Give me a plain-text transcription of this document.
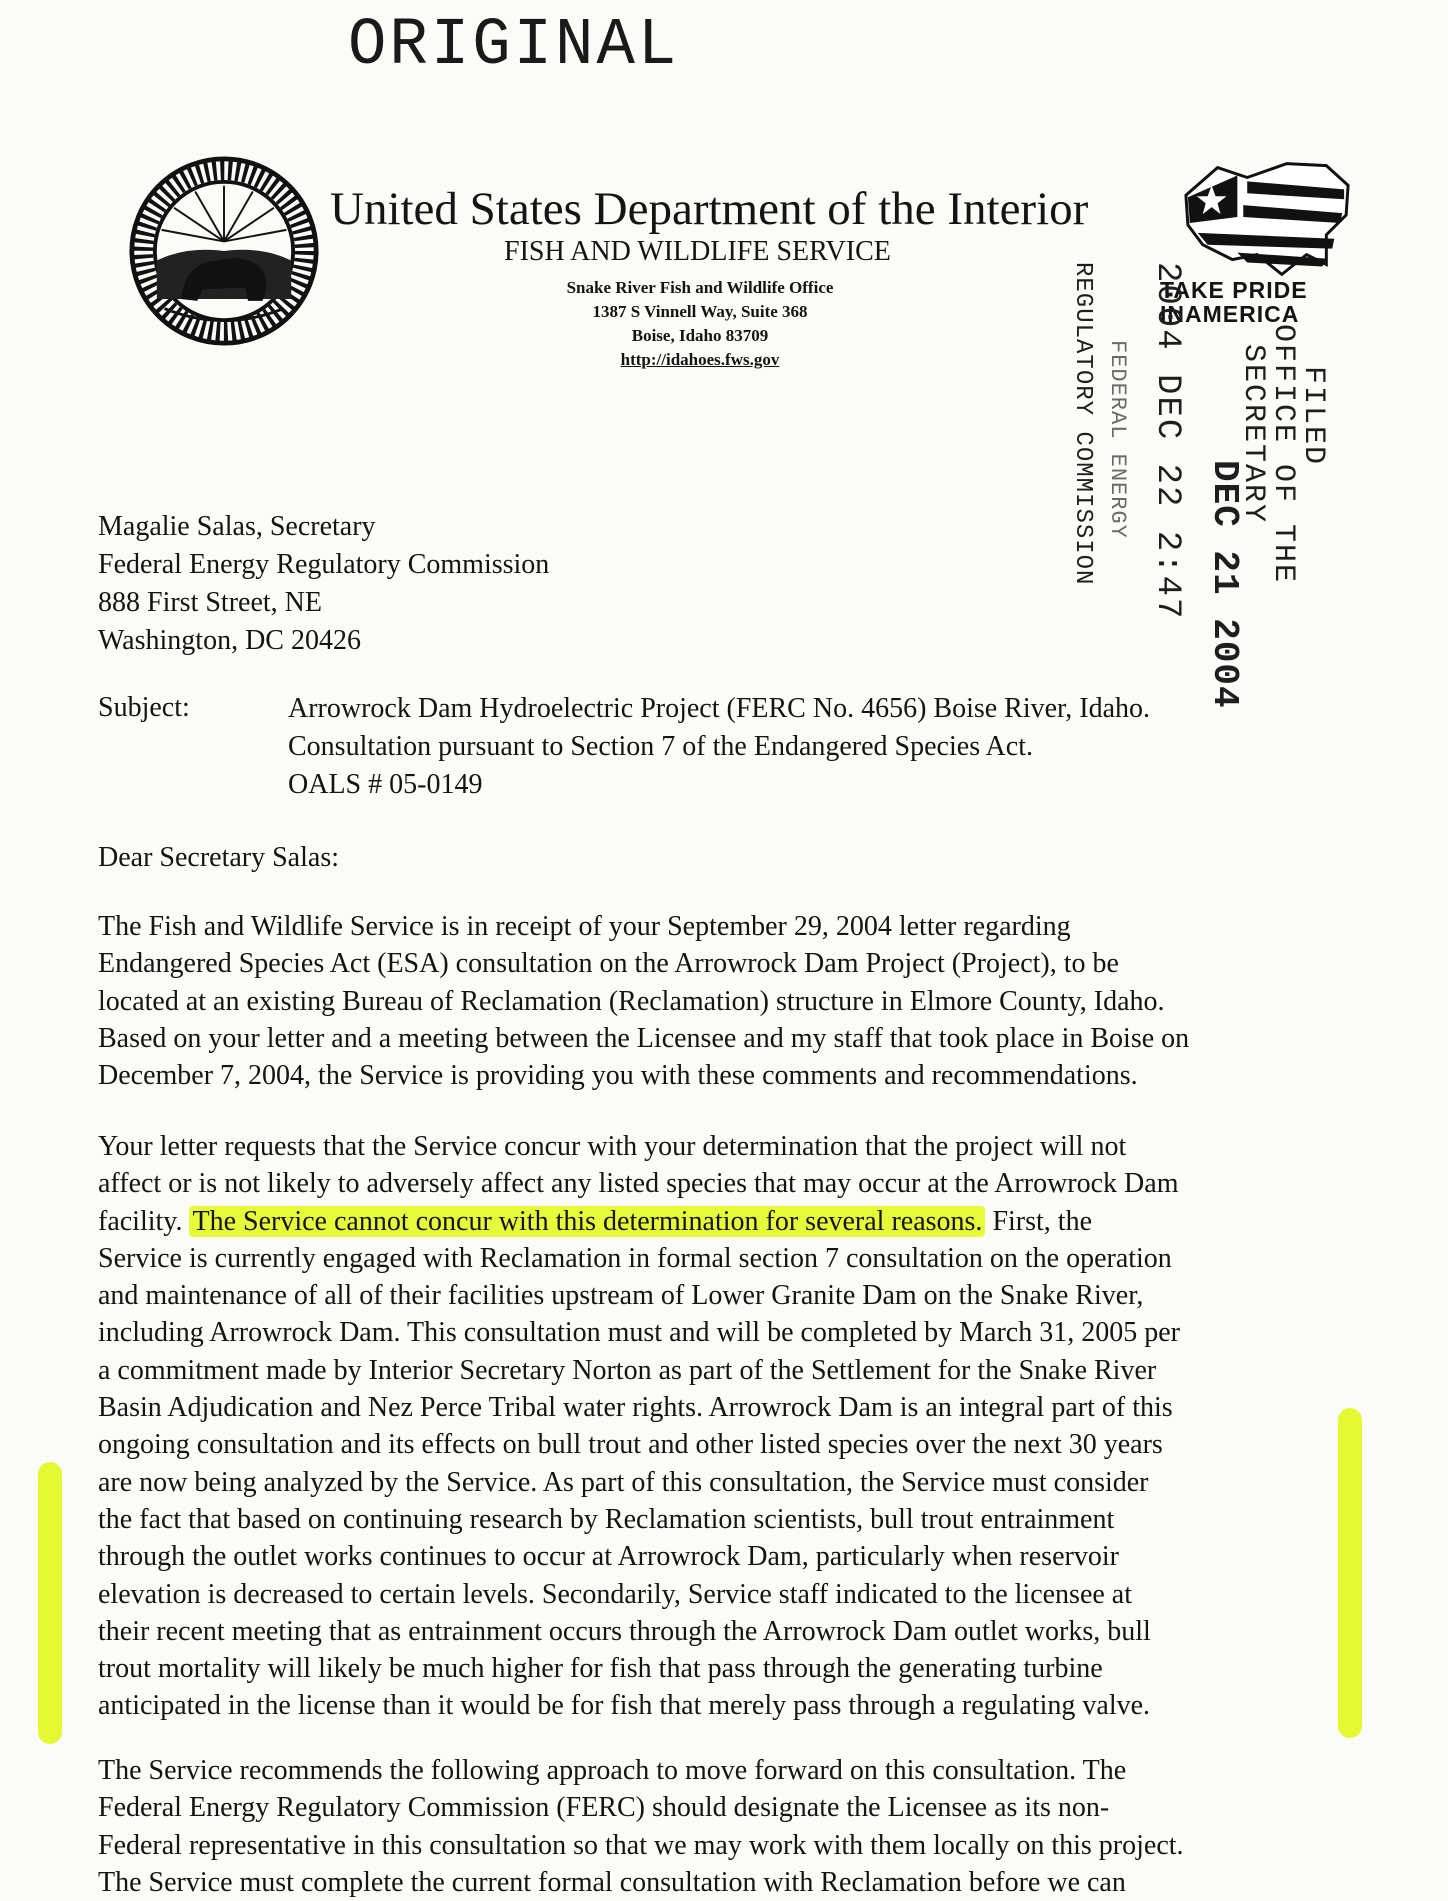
ORIGINAL
United States Department of the Interior
FISH AND WILDLIFE SERVICE
Snake River Fish and Wildlife Office
1387 S Vinnell Way, Suite 368
Boise, Idaho 83709
http://idahoes.fws.gov
TAKE PRIDE
INAMERICA
REGULATORY COMMISSION FEDERAL ENERGY 2004 DEC 22 2:47	FILED
OFFICE OF THE
SECRETARY
DEC 21 2004
Magalie Salas, Secretary
Federal Energy Regulatory Commission
888 First Street, NE
Washington, DC 20426
Subject:	Arrowrock Dam Hydroelectric Project (FERC No. 4656) Boise River, Idaho.
Consultation pursuant to Section 7 of the Endangered Species Act.
OALS # 05-0149
Dear Secretary Salas:
The Fish and Wildlife Service is in receipt of your September 29, 2004 letter regarding
Endangered Species Act (ESA) consultation on the Arrowrock Dam Project (Project), to be
located at an existing Bureau of Reclamation (Reclamation) structure in Elmore County, Idaho.
Based on your letter and a meeting between the Licensee and my staff that took place in Boise on
December 7, 2004, the Service is providing you with these comments and recommendations.
Your letter requests that the Service concur with your determination that the project will not
affect or is not likely to adversely affect any listed species that may occur at the Arrowrock Dam
facility. The Service cannot concur with this determination for several reasons. First, the
Service is currently engaged with Reclamation in formal section 7 consultation on the operation
and maintenance of all of their facilities upstream of Lower Granite Dam on the Snake River,
including Arrowrock Dam. This consultation must and will be completed by March 31, 2005 per
a commitment made by Interior Secretary Norton as part of the Settlement for the Snake River
Basin Adjudication and Nez Perce Tribal water rights. Arrowrock Dam is an integral part of this
ongoing consultation and its effects on bull trout and other listed species over the next 30 years
are now being analyzed by the Service. As part of this consultation, the Service must consider
the fact that based on continuing research by Reclamation scientists, bull trout entrainment
through the outlet works continues to occur at Arrowrock Dam, particularly when reservoir
elevation is decreased to certain levels. Secondarily, Service staff indicated to the licensee at
their recent meeting that as entrainment occurs through the Arrowrock Dam outlet works, bull
trout mortality will likely be much higher for fish that pass through the generating turbine
anticipated in the license than it would be for fish that merely pass through a regulating valve.
The Service recommends the following approach to move forward on this consultation. The
Federal Energy Regulatory Commission (FERC) should designate the Licensee as its non-
Federal representative in this consultation so that we may work with them locally on this project.
The Service must complete the current formal consultation with Reclamation before we can
